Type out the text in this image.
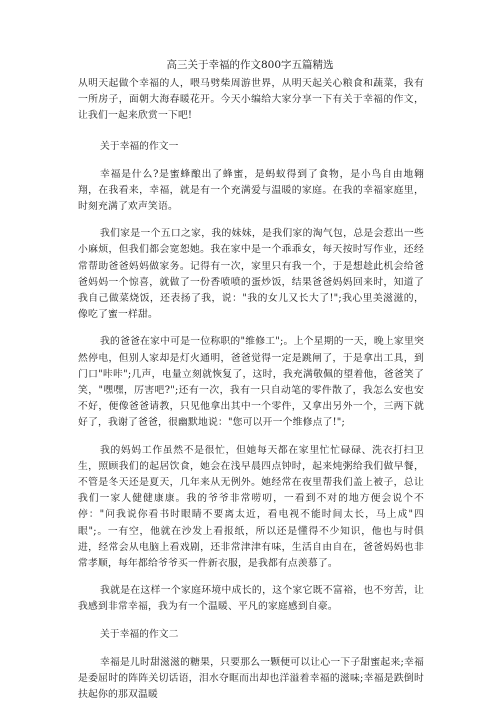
高三关于幸福的作文800字五篇精选

从明天起做个幸福的人，喂马劈柴周游世界，从明天起关心粮食和蔬菜，我有一所房子，面朝大海春暖花开。今天小编给大家分享一下有关于幸福的作文，让我们一起来欣赏一下吧!

关于幸福的作文一

幸福是什么?是蜜蜂酿出了蜂蜜，是蚂蚁得到了食物，是小鸟自由地翱翔，在我看来，幸福，就是有一个充满爱与温暖的家庭。在我的幸福家庭里，时刻充满了欢声笑语。

我们家是一个五口之家，我的妹妹，是我们家的淘气包，总是会惹出一些小麻烦，但我们都会宽恕她。我在家中是一个乖乖女，每天按时写作业，还经常帮助爸爸妈妈做家务。记得有一次，家里只有我一个，于是想趁此机会给爸爸妈妈一个惊喜，就做了一份香喷喷的蛋炒饭，结果爸爸妈妈回来时，知道了我自己做菜烧饭，还表扬了我，说："我的女儿又长大了!";我心里美滋滋的，像吃了蜜一样甜。

我的爸爸在家中可是一位称职的"维修工";。上个星期的一天，晚上家里突然停电，但别人家却是灯火通明，爸爸觉得一定是跳闸了，于是拿出工具，到门口"咔咔";几声，电量立刻就恢复了，这时，我充满敬佩的望着他，爸爸笑了笑，"嘿嘿，厉害吧?";还有一次，我有一只自动笔的零件散了，我怎么安也安不好，便像爸爸请教，只见他拿出其中一个零件，又拿出另外一个，三两下就好了，我谢了爸爸，很幽默地说："您可以开一个维修点了!";

我的妈妈工作虽然不是很忙，但她每天都在家里忙忙碌碌、洗衣打扫卫生，照顾我们的起居饮食，她会在浅早晨四点钟时，起来炖粥给我们做早餐，不管是冬天还是夏天，几年来从无例外。她经常在夜里帮我们盖上被子，总让我们一家人健健康康。我的爷爷非常唠叨，一看到不对的地方便会说个不停："问我说你看书时眼睛不要离太近，看电视不能时间太长，马上成"四眼";。一有空，他就在沙发上看报纸，所以还是懂得不少知识，他也与时俱进，经常会从电脑上看戏剧，还非常津津有味，生活自由自在，爸爸妈妈也非常孝顺，每年都给爷爷买一件新衣服，是我都有点羡慕了。

我就是在这样一个家庭环境中成长的，这个家它既不富裕，也不穷苦，让我感到非常幸福，我为有一个温暖、平凡的家庭感到自豪。

关于幸福的作文二

幸福是儿时甜滋滋的糖果，只要那么一颗便可以让心一下子甜蜜起来;幸福是委屈时的阵阵关切话语，泪水夺眶而出却也洋溢着幸福的滋味;幸福是跌倒时扶起你的那双温暖
